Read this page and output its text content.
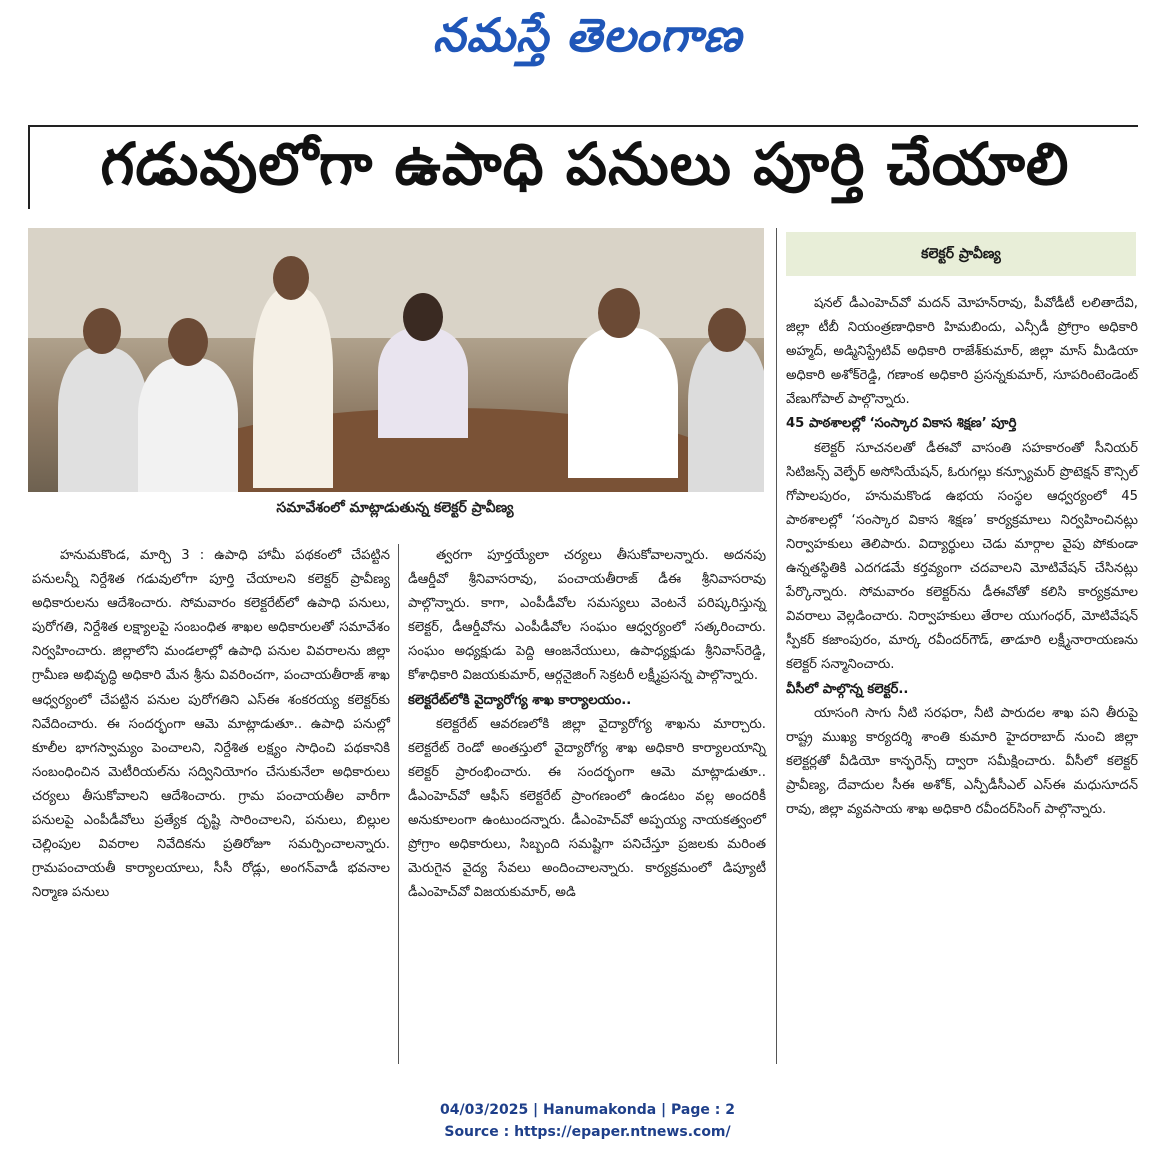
నమస్తే తెలంగాణ
గడువులోగా ఉపాధి పనులు పూర్తి చేయాలి
సమావేశంలో మాట్లాడుతున్న కలెక్టర్ ప్రావీణ్య
కలెక్టర్ ప్రావీణ్య

హనుమకొండ, మార్చి 3 : ఉపాధి హామీ పథకంలో చేపట్టిన పనులన్నీ నిర్దేశిత గడువులోగా పూర్తి చేయాలని కలెక్టర్ ప్రావీణ్య అధికారులను ఆదేశించారు. సోమవారం కలెక్టరేట్‌లో ఉపాధి పనులు, పురోగతి, నిర్దేశిత లక్ష్యాలపై సంబంధిత శాఖల అధికారులతో సమావేశం నిర్వహించారు. జిల్లాలోని మండలాల్లో ఉపాధి పనుల వివరాలను జిల్లా గ్రామీణ అభివృద్ధి అధికారి మేన శ్రీను వివరించగా, పంచాయతీరాజ్ శాఖ ఆధ్వర్యంలో చేపట్టిన పనుల పురోగతిని ఎస్‌ఈ శంకరయ్య కలెక్టర్‌కు నివేదించారు. ఈ సందర్భంగా ఆమె మాట్లాడుతూ.. ఉపాధి పనుల్లో కూలీల భాగస్వామ్యం పెంచాలని, నిర్దేశిత లక్ష్యం సాధించి పథకానికి సంబంధించిన మెటీరియల్‌ను సద్వినియోగం చేసుకునేలా అధికారులు చర్యలు తీసుకోవాలని ఆదేశించారు. గ్రామ పంచాయతీల వారీగా పనులపై ఎంపీడీవోలు ప్రత్యేక దృష్టి సారించాలని, పనులు, బిల్లుల చెల్లింపుల వివరాల నివేదికను ప్రతిరోజూ సమర్పించాలన్నారు. గ్రామపంచాయతీ కార్యాలయాలు, సీసీ రోడ్లు, అంగన్‌వాడీ భవనాల నిర్మాణ పనులు

త్వరగా పూర్తయ్యేలా చర్యలు తీసుకోవాలన్నారు. అదనపు డీఆర్డీవో శ్రీనివాసరావు, పంచాయతీరాజ్ డీఈ శ్రీనివాసరావు పాల్గొన్నారు. కాగా, ఎంపీడీవోల సమస్యలు వెంటనే పరిష్కరిస్తున్న కలెక్టర్, డీఆర్డీవోను ఎంపీడీవోల సంఘం ఆధ్వర్యంలో సత్కరించారు. సంఘం అధ్యక్షుడు పెద్ది ఆంజనేయులు, ఉపాధ్యక్షుడు శ్రీనివాస్‌రెడ్డి, కోశాధికారి విజయకుమార్, ఆర్గనైజింగ్ సెక్రటరీ లక్ష్మీప్రసన్న పాల్గొన్నారు.

కలెక్టరేట్‌లోకి వైద్యారోగ్య శాఖ కార్యాలయం..

కలెక్టరేట్ ఆవరణలోకి జిల్లా వైద్యారోగ్య శాఖను మార్చారు. కలెక్టరేట్ రెండో అంతస్తులో వైద్యారోగ్య శాఖ అధికారి కార్యాలయాన్ని కలెక్టర్ ప్రారంభించారు. ఈ సందర్భంగా ఆమె మాట్లాడుతూ.. డీఎంహెచ్‌వో ఆఫీస్ కలెక్టరేట్ ప్రాంగణంలో ఉండటం వల్ల అందరికీ అనుకూలంగా ఉంటుందన్నారు. డీఎంహెచ్‌వో అప్పయ్య నాయకత్వంలో ప్రోగ్రాం అధికారులు, సిబ్బంది సమష్టిగా పనిచేస్తూ ప్రజలకు మరింత మెరుగైన వైద్య సేవలు అందించాలన్నారు. కార్యక్రమంలో డిప్యూటీ డీఎంహెచ్‌వో విజయకుమార్, అడి

షనల్ డీఎంహెచ్‌వో మదన్ మోహన్‌రావు, పీవోడీటీ లలితాదేవి, జిల్లా టీబీ నియంత్రణాధికారి హిమబిందు, ఎన్సీడీ ప్రోగ్రాం అధికారి అహ్మద్, అడ్మినిస్ట్రేటివ్ అధికారి రాజేశ్‌కుమార్, జిల్లా మాస్ మీడియా అధికారి అశోక్‌రెడ్డి, గణాంక అధికారి ప్రసన్నకుమార్, సూపరింటెండెంట్ వేణుగోపాల్ పాల్గొన్నారు.

45 పాఠశాలల్లో ‘సంస్కార వికాస శిక్షణ’ పూర్తి

కలెక్టర్ సూచనలతో డీఈవో వాసంతి సహకారంతో సీనియర్ సిటిజన్స్ వెల్ఫేర్ అసోసియేషన్, ఓరుగల్లు కన్స్యూమర్ ప్రొటెక్షన్ కౌన్సిల్ గోపాలపురం, హనుమకొండ ఉభయ సంస్థల ఆధ్వర్యంలో 45 పాఠశాలల్లో ‘సంస్కార వికాస శిక్షణ’ కార్యక్రమాలు నిర్వహించినట్లు నిర్వాహకులు తెలిపారు. విద్యార్థులు చెడు మార్గాల వైపు పోకుండా ఉన్నతస్థితికి ఎదగడమే కర్తవ్యంగా చదవాలని మోటివేషన్ చేసినట్లు పేర్కొన్నారు. సోమవారం కలెక్టర్‌ను డీఈవోతో కలిసి కార్యక్రమాల వివరాలు వెల్లడించారు. నిర్వాహకులు తేరాల యుగంధర్, మోటివేషన్ స్పీకర్ కజాంపురం, మార్క రవీందర్‌గౌడ్, తాడూరి లక్ష్మీనారాయణను కలెక్టర్ సన్మానించారు.

వీసీలో పాల్గొన్న కలెక్టర్..

యాసంగి సాగు నీటి సరఫరా, నీటి పారుదల శాఖ పని తీరుపై రాష్ట్ర ముఖ్య కార్యదర్శి శాంతి కుమారి హైదరాబాద్ నుంచి జిల్లా కలెక్టర్లతో వీడియో కాన్ఫరెన్స్ ద్వారా సమీక్షించారు. వీసీలో కలెక్టర్ ప్రావీణ్య, దేవాదుల సీఈ అశోక్, ఎన్పీడీసీఎల్ ఎస్ఈ మధుసూదన్ రావు, జిల్లా వ్యవసాయ శాఖ అధికారి రవీందర్‌సింగ్ పాల్గొన్నారు.

04/03/2025 | Hanumakonda | Page : 2
Source : https://epaper.ntnews.com/
